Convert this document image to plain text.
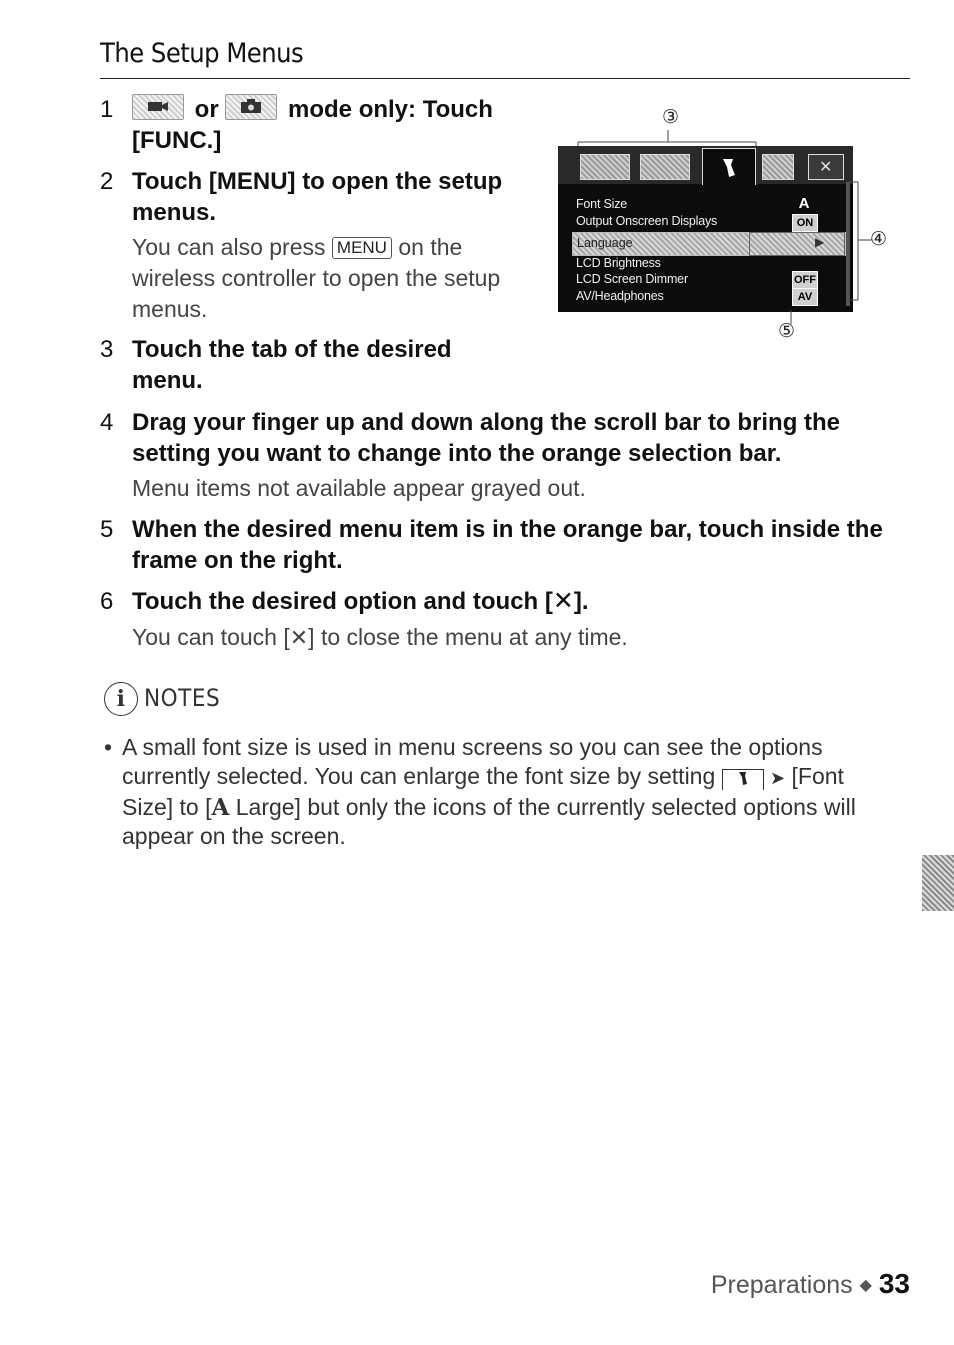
The Setup Menus
1	or	mode only: Touch [FUNC.]
2 Touch [MENU] to open the setup menus.
You can also press MENU on the wireless controller to open the setup menus.
3 Touch the tab of the desired menu.
③
✕
Font Size	A
Output Onscreen Displays	ON
Language	▶
LCD Brightness
LCD Screen Dimmer	OFF
AV/Headphones	AV
④
⑤
4 Drag your finger up and down along the scroll bar to bring the setting you want to change into the orange selection bar.
Menu items not available appear grayed out.
5 When the desired menu item is in the orange bar, touch inside the frame on the right.
6 Touch the desired option and touch [✕].
You can touch [✕] to close the menu at any time.
i NOTES
• A small font size is used in menu screens so you can see the options currently selected. You can enlarge the font size by setting	➤ [Font Size] to [A Large] but only the icons of the currently selected options will appear on the screen.
Preparations ◆ 33
